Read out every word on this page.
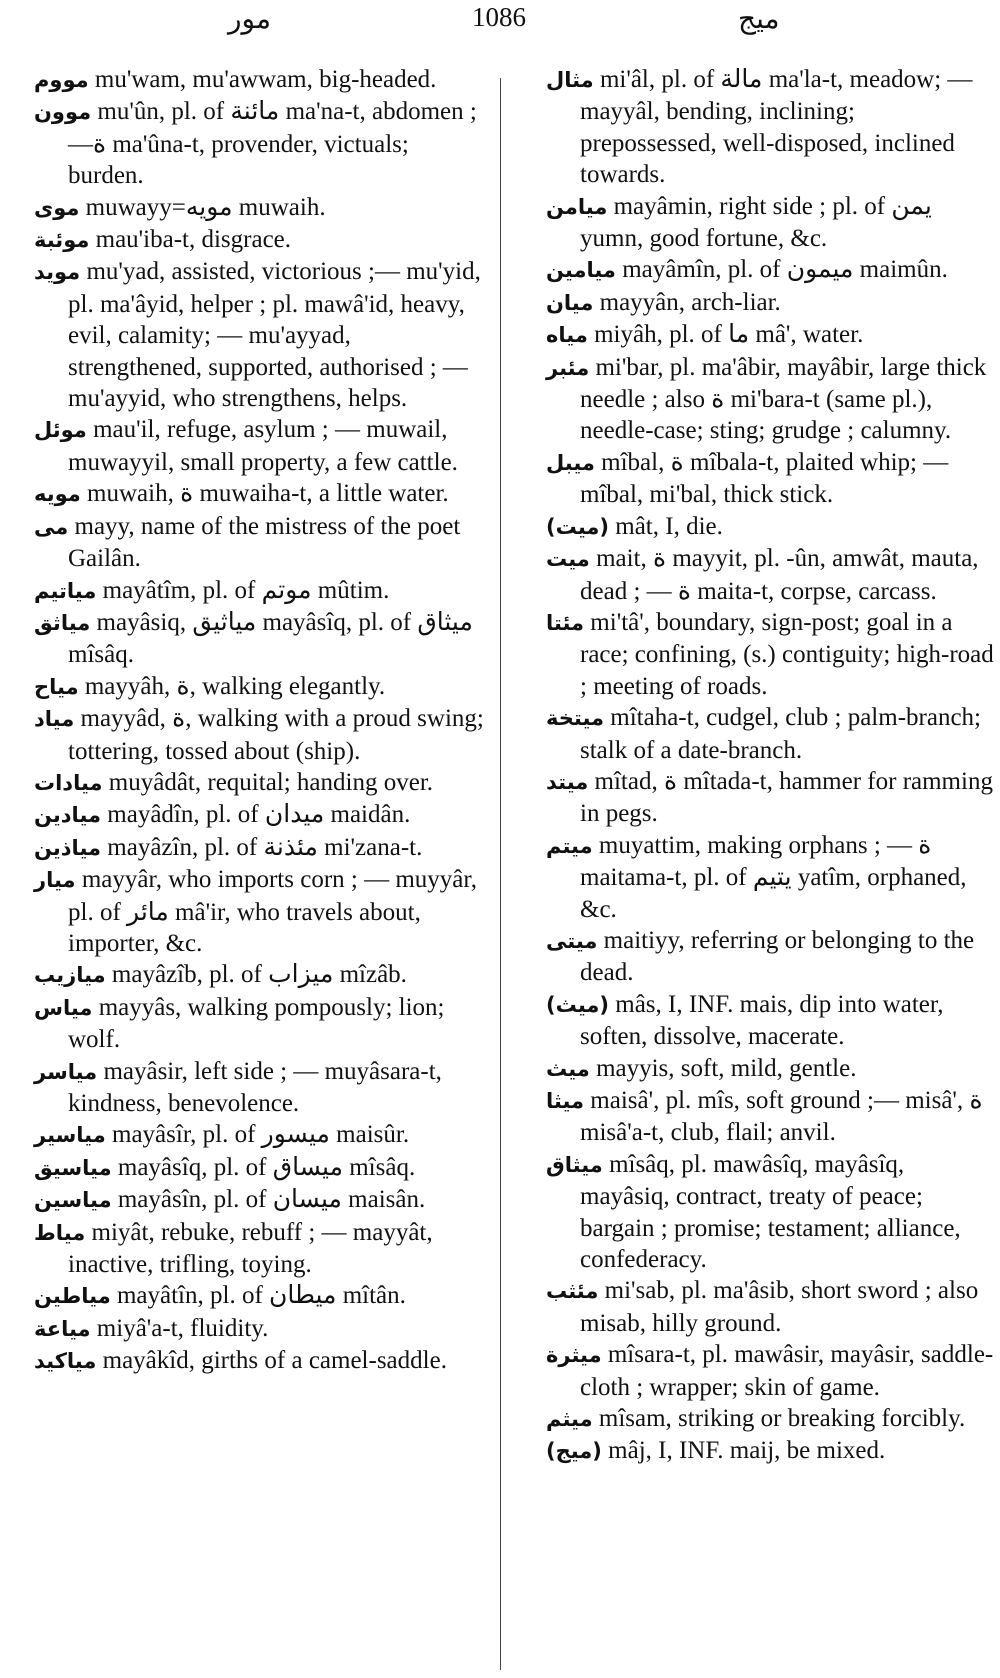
مور	1086	ميج

مووم mu'wam, mu'awwam, big-headed.

موون mu'ûn, pl. of مائنة ma'na-t, abdomen ;—ة ma'ûna-t, provender, victuals; burden.

موى muwayy=مويه muwaih.

موئبة mau'iba-t, disgrace.

مويد mu'yad, assisted, victorious ;— mu'yid, pl. ma'âyid, helper ; pl. mawâ'id, heavy, evil, calamity; — mu'ayyad, strengthened, supported, authorised ; — mu'ayyid, who strengthens, helps.

موئل mau'il, refuge, asylum ; — muwail, muwayyil, small property, a few cattle.

مويه muwaih, ة muwaiha-t, a little water.

مى mayy, name of the mistress of the poet Gailân.

مياتيم mayâtîm, pl. of موتم mûtim.

مياثق mayâsiq, مياثيق mayâsîq, pl. of ميثاق mîsâq.

مياح mayyâh, ة, walking elegantly.

مياد mayyâd, ة, walking with a proud swing; tottering, tossed about (ship).

ميادات muyâdât, requital; handing over.

ميادين mayâdîn, pl. of ميدان maidân.

مياذين mayâzîn, pl. of مئذنة mi'zana-t.

ميار mayyâr, who imports corn ; — muyyâr, pl. of مائر mâ'ir, who travels about, importer, &c.

ميازيب mayâzîb, pl. of ميزاب mîzâb.

مياس mayyâs, walking pompously; lion; wolf.

مياسر mayâsir, left side ; — muyâsara-t, kindness, benevolence.

مياسير mayâsîr, pl. of ميسور maisûr.

مياسيق mayâsîq, pl. of ميساق mîsâq.

مياسين mayâsîn, pl. of ميسان maisân.

مياط miyât, rebuke, rebuff ; — mayyât, inactive, trifling, toying.

مياطين mayâtîn, pl. of ميطان mîtân.

مياعة miyâ'a-t, fluidity.

مياكيد mayâkîd, girths of a camel-saddle.

مثال mi'âl, pl. of مالة ma'la-t, meadow; — mayyâl, bending, inclining; prepossessed, well-disposed, inclined towards.

ميامن mayâmin, right side ; pl. of يمن yumn, good fortune, &c.

ميامين mayâmîn, pl. of ميمون maimûn.

ميان mayyân, arch-liar.

مياه miyâh, pl. of ما mâ', water.

مئبر mi'bar, pl. ma'âbir, mayâbir, large thick needle ; also ة mi'bara-t (same pl.), needle-case; sting; grudge ; calumny.

ميبل mîbal, ة mîbala-t, plaited whip; — mîbal, mi'bal, thick stick.

(ميت) mât, I, die.

ميت mait, ة mayyit, pl. -ûn, amwât, mauta, dead ; — ة maita-t, corpse, carcass.

مئتا mi'tâ', boundary, sign-post; goal in a race; confining, (s.) contiguity; high-road ; meeting of roads.

ميتخة mîtaha-t, cudgel, club ; palm-branch; stalk of a date-branch.

ميتد mîtad, ة mîtada-t, hammer for ramming in pegs.

ميتم muyattim, making orphans ; — ة maitama-t, pl. of يتيم yatîm, orphaned, &c.

ميتى maitiyy, referring or belonging to the dead.

(ميث) mâs, I, INF. mais, dip into water, soften, dissolve, macerate.

ميث mayyis, soft, mild, gentle.

ميثا maisâ', pl. mîs, soft ground ;— misâ', ة misâ'a-t, club, flail; anvil.

ميثاق mîsâq, pl. mawâsîq, mayâsîq, mayâsiq, contract, treaty of peace; bargain ; promise; testament; alliance, confederacy.

مئثب mi'sab, pl. ma'âsib, short sword ; also misab, hilly ground.

ميثرة mîsara-t, pl. mawâsir, mayâsir, saddle-cloth ; wrapper; skin of game.

ميثم mîsam, striking or breaking forcibly.

(ميج) mâj, I, INF. maij, be mixed.
